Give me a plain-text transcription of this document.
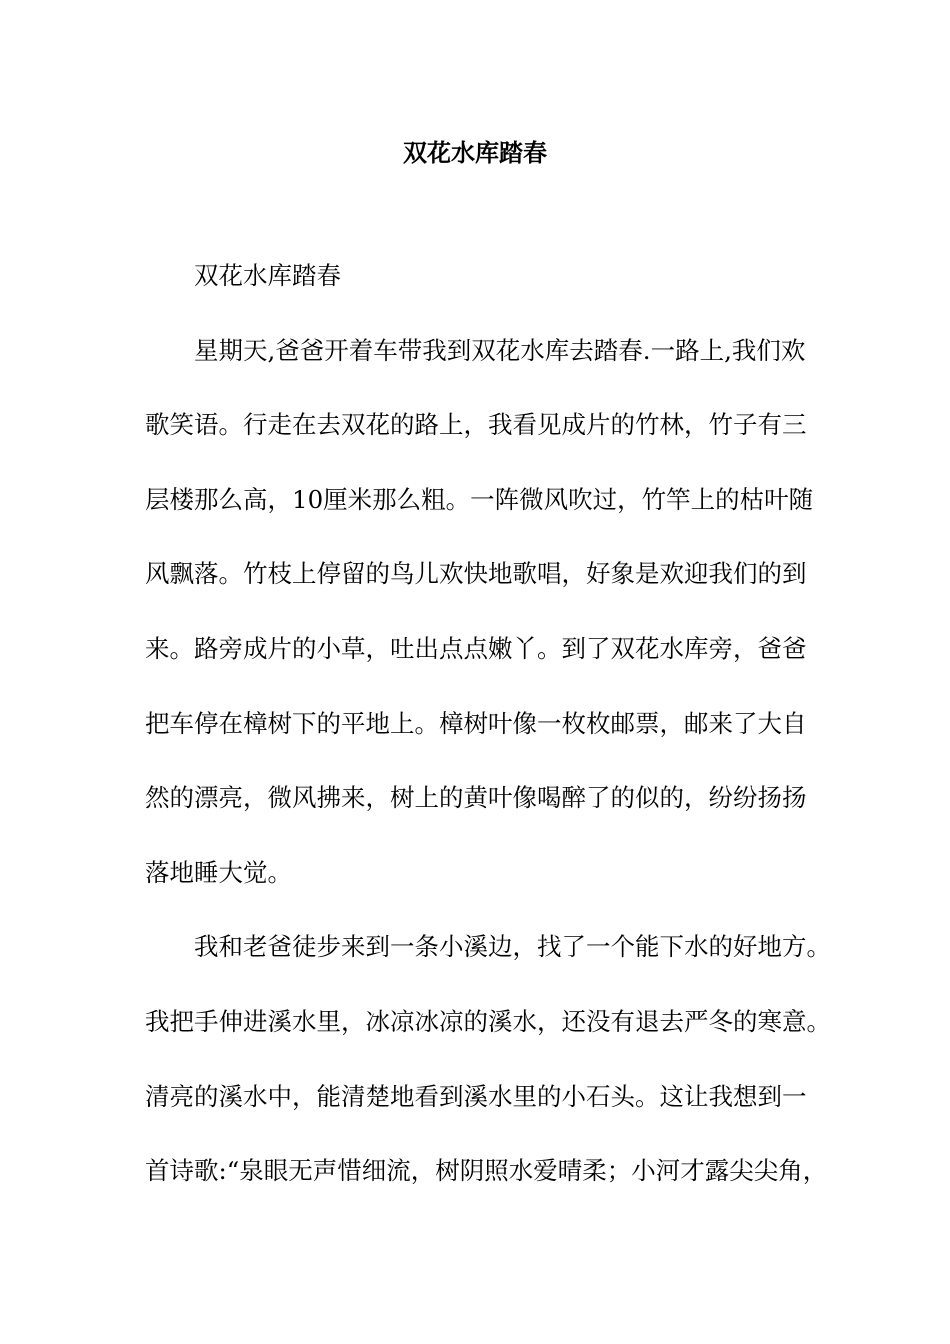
双花水库踏春

双花水库踏春

星期天,爸爸开着车带我到双花水库去踏春.一路上,我们欢

歌笑语。行走在去双花的路上，我看见成片的竹林，竹子有三

层楼那么高，10厘米那么粗。一阵微风吹过，竹竿上的枯叶随

风飘落。竹枝上停留的鸟儿欢快地歌唱，好象是欢迎我们的到

来。路旁成片的小草，吐出点点嫩丫。到了双花水库旁，爸爸

把车停在樟树下的平地上。樟树叶像一枚枚邮票，邮来了大自

然的漂亮，微风拂来，树上的黄叶像喝醉了的似的，纷纷扬扬

落地睡大觉。

我和老爸徒步来到一条小溪边，找了一个能下水的好地方。

我把手伸进溪水里，冰凉冰凉的溪水，还没有退去严冬的寒意。

清亮的溪水中，能清楚地看到溪水里的小石头。这让我想到一

首诗歌:“泉眼无声惜细流，树阴照水爱晴柔；小河才露尖尖角，
